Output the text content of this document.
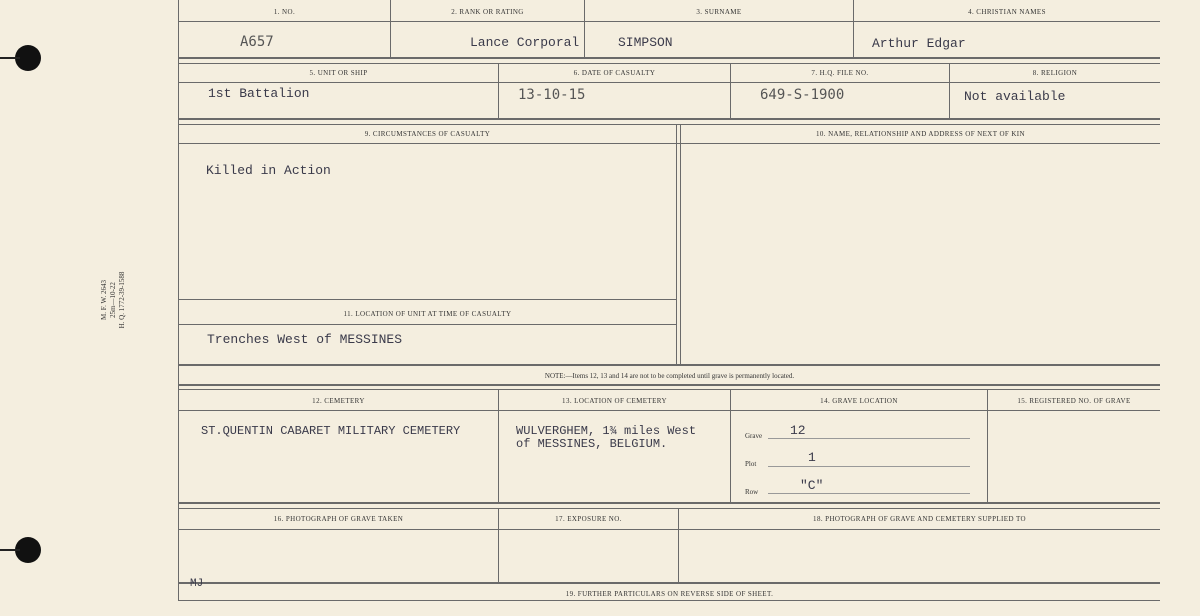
M. F. W. 2643 25m—10-22 H. Q. 1772-39-1588
1. NO.	2. RANK OR RATING	3. SURNAME	4. CHRISTIAN NAMES
A657	Lance Corporal	SIMPSON	Arthur Edgar
5. UNIT OR SHIP	6. DATE OF CASUALTY	7. H.Q. FILE NO.	8. RELIGION
1st Battalion	13-10-15	649-S-1900	Not available
9. CIRCUMSTANCES OF CASUALTY	10. NAME, RELATIONSHIP AND ADDRESS OF NEXT OF KIN
Killed in Action
11. LOCATION OF UNIT AT TIME OF CASUALTY
Trenches West of MESSINES
NOTE:—Items 12, 13 and 14 are not to be completed until grave is permanently located.
12. CEMETERY	13. LOCATION OF CEMETERY	14. GRAVE LOCATION	15. REGISTERED NO. OF GRAVE
ST.QUENTIN CABARET MILITARY CEMETERY	WULVERGHEM, 1¾ miles West
of MESSINES, BELGIUM.
Grave 12
Plot	1
Row	"C"
16. PHOTOGRAPH OF GRAVE TAKEN	17. EXPOSURE NO.	18. PHOTOGRAPH OF GRAVE AND CEMETERY SUPPLIED TO
MJ
19. FURTHER PARTICULARS ON REVERSE SIDE OF SHEET.
